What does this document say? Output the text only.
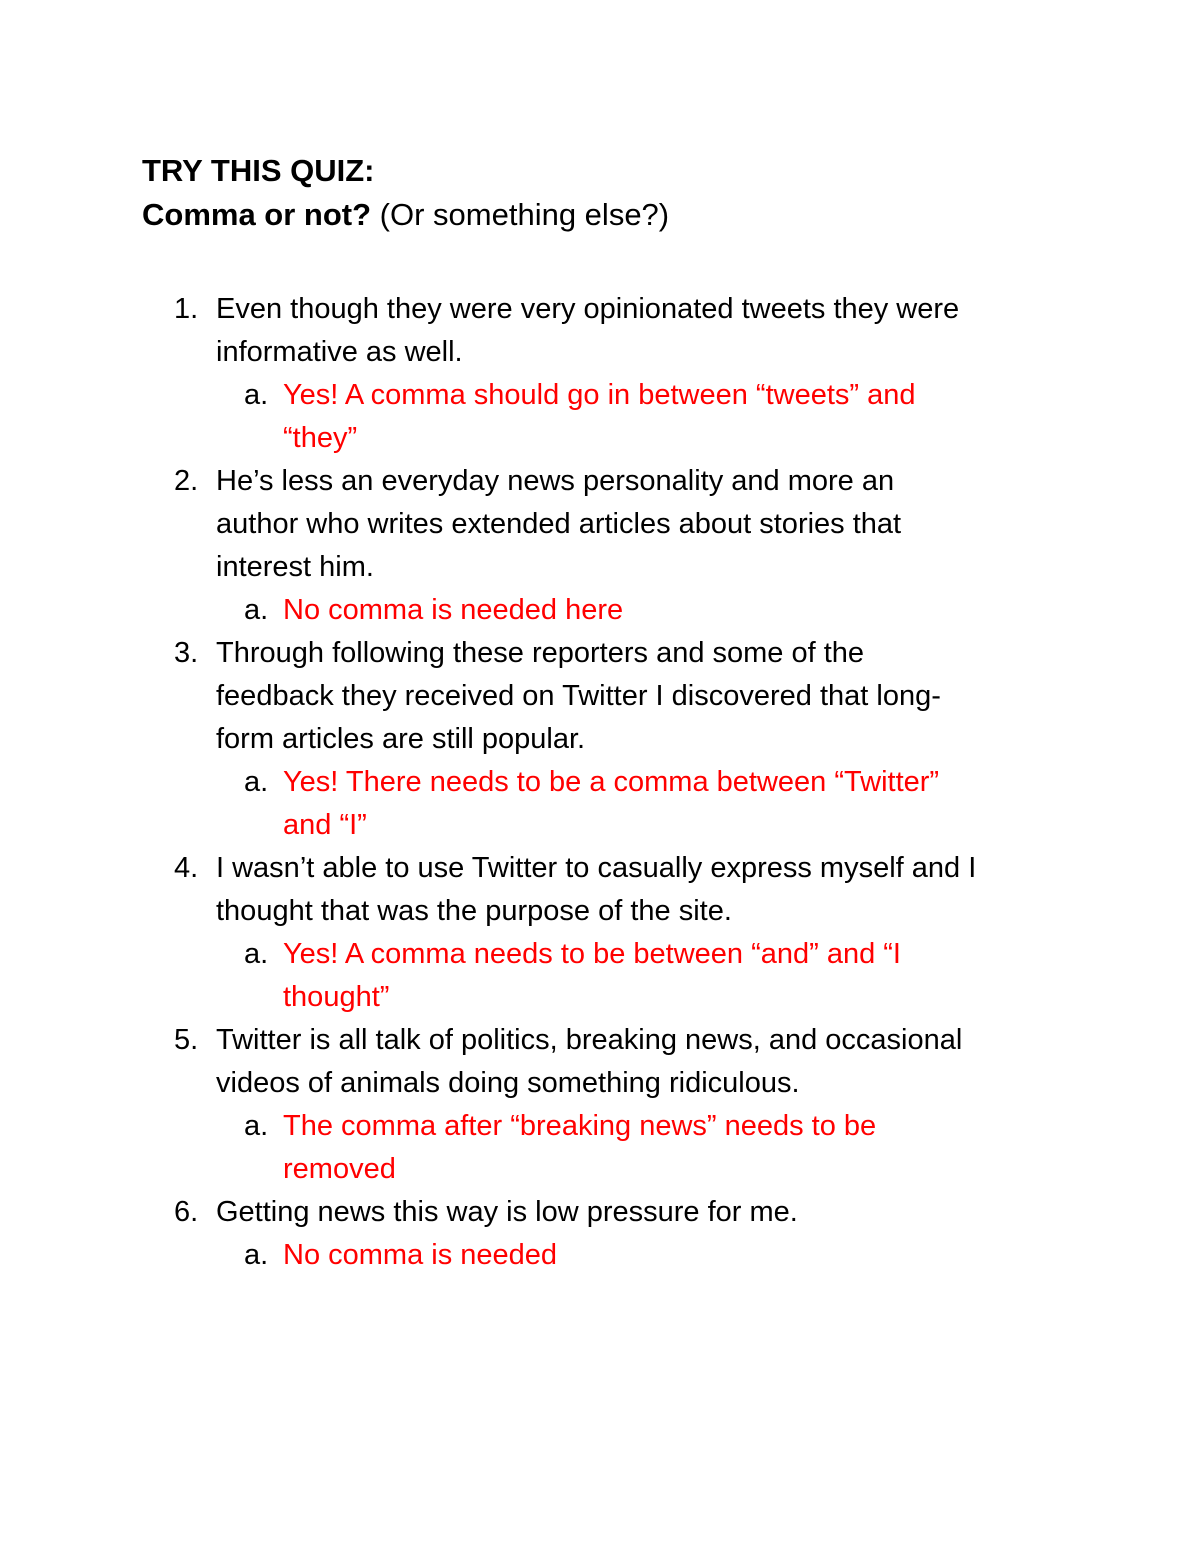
TRY THIS QUIZ:
Comma or not? (Or something else?)
1. Even though they were very opinionated tweets they were
informative as well.
a. Yes! A comma should go in between “tweets” and
“they”
2. He’s less an everyday news personality and more an
author who writes extended articles about stories that
interest him.
a. No comma is needed here
3. Through following these reporters and some of the
feedback they received on Twitter I discovered that long-
form articles are still popular.
a. Yes! There needs to be a comma between “Twitter”
and “I”
4. I wasn’t able to use Twitter to casually express myself and I
thought that was the purpose of the site.
a. Yes! A comma needs to be between “and” and “I
thought”
5. Twitter is all talk of politics, breaking news, and occasional
videos of animals doing something ridiculous.
a. The comma after “breaking news” needs to be
removed
6. Getting news this way is low pressure for me.
a. No comma is needed
